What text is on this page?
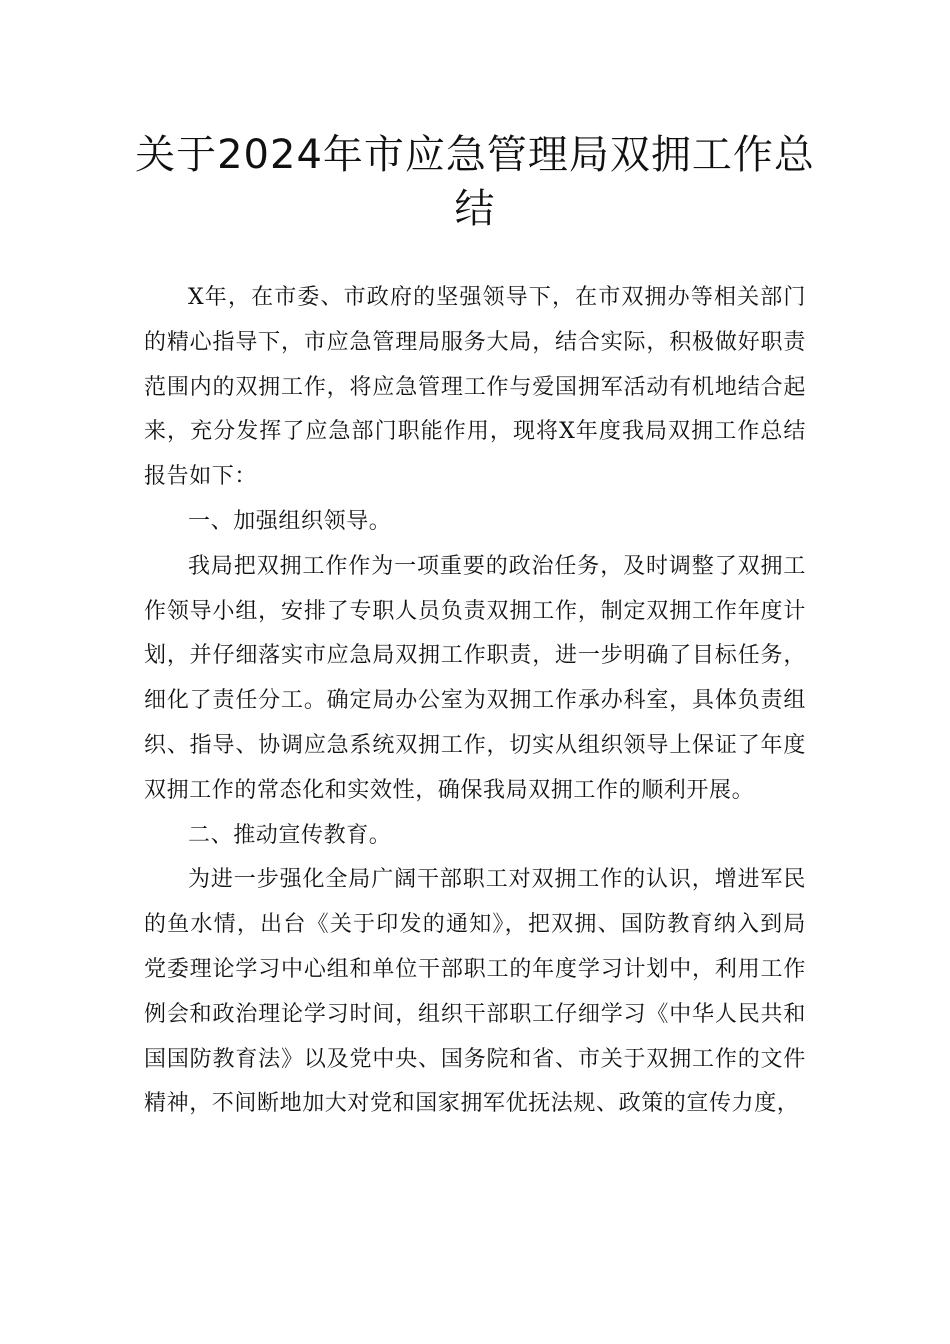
关于2024年市应急管理局双拥工作总
结

X年，在市委、市政府的坚强领导下，在市双拥办等相关部门的精心指导下，市应急管理局服务大局，结合实际，积极做好职责范围内的双拥工作，将应急管理工作与爱国拥军活动有机地结合起来，充分发挥了应急部门职能作用，现将X年度我局双拥工作总结报告如下：

一、加强组织领导。

我局把双拥工作作为一项重要的政治任务，及时调整了双拥工作领导小组，安排了专职人员负责双拥工作，制定双拥工作年度计划，并仔细落实市应急局双拥工作职责，进一步明确了目标任务，细化了责任分工。确定局办公室为双拥工作承办科室，具体负责组织、指导、协调应急系统双拥工作，切实从组织领导上保证了年度双拥工作的常态化和实效性，确保我局双拥工作的顺利开展。

二、推动宣传教育。

为进一步强化全局广阔干部职工对双拥工作的认识，增进军民的鱼水情，出台《关于印发的通知》，把双拥、国防教育纳入到局党委理论学习中心组和单位干部职工的年度学习计划中，利用工作例会和政治理论学习时间，组织干部职工仔细学习《中华人民共和国国防教育法》以及党中央、国务院和省、市关于双拥工作的文件精神，不间断地加大对党和国家拥军优抚法规、政策的宣传力度，
